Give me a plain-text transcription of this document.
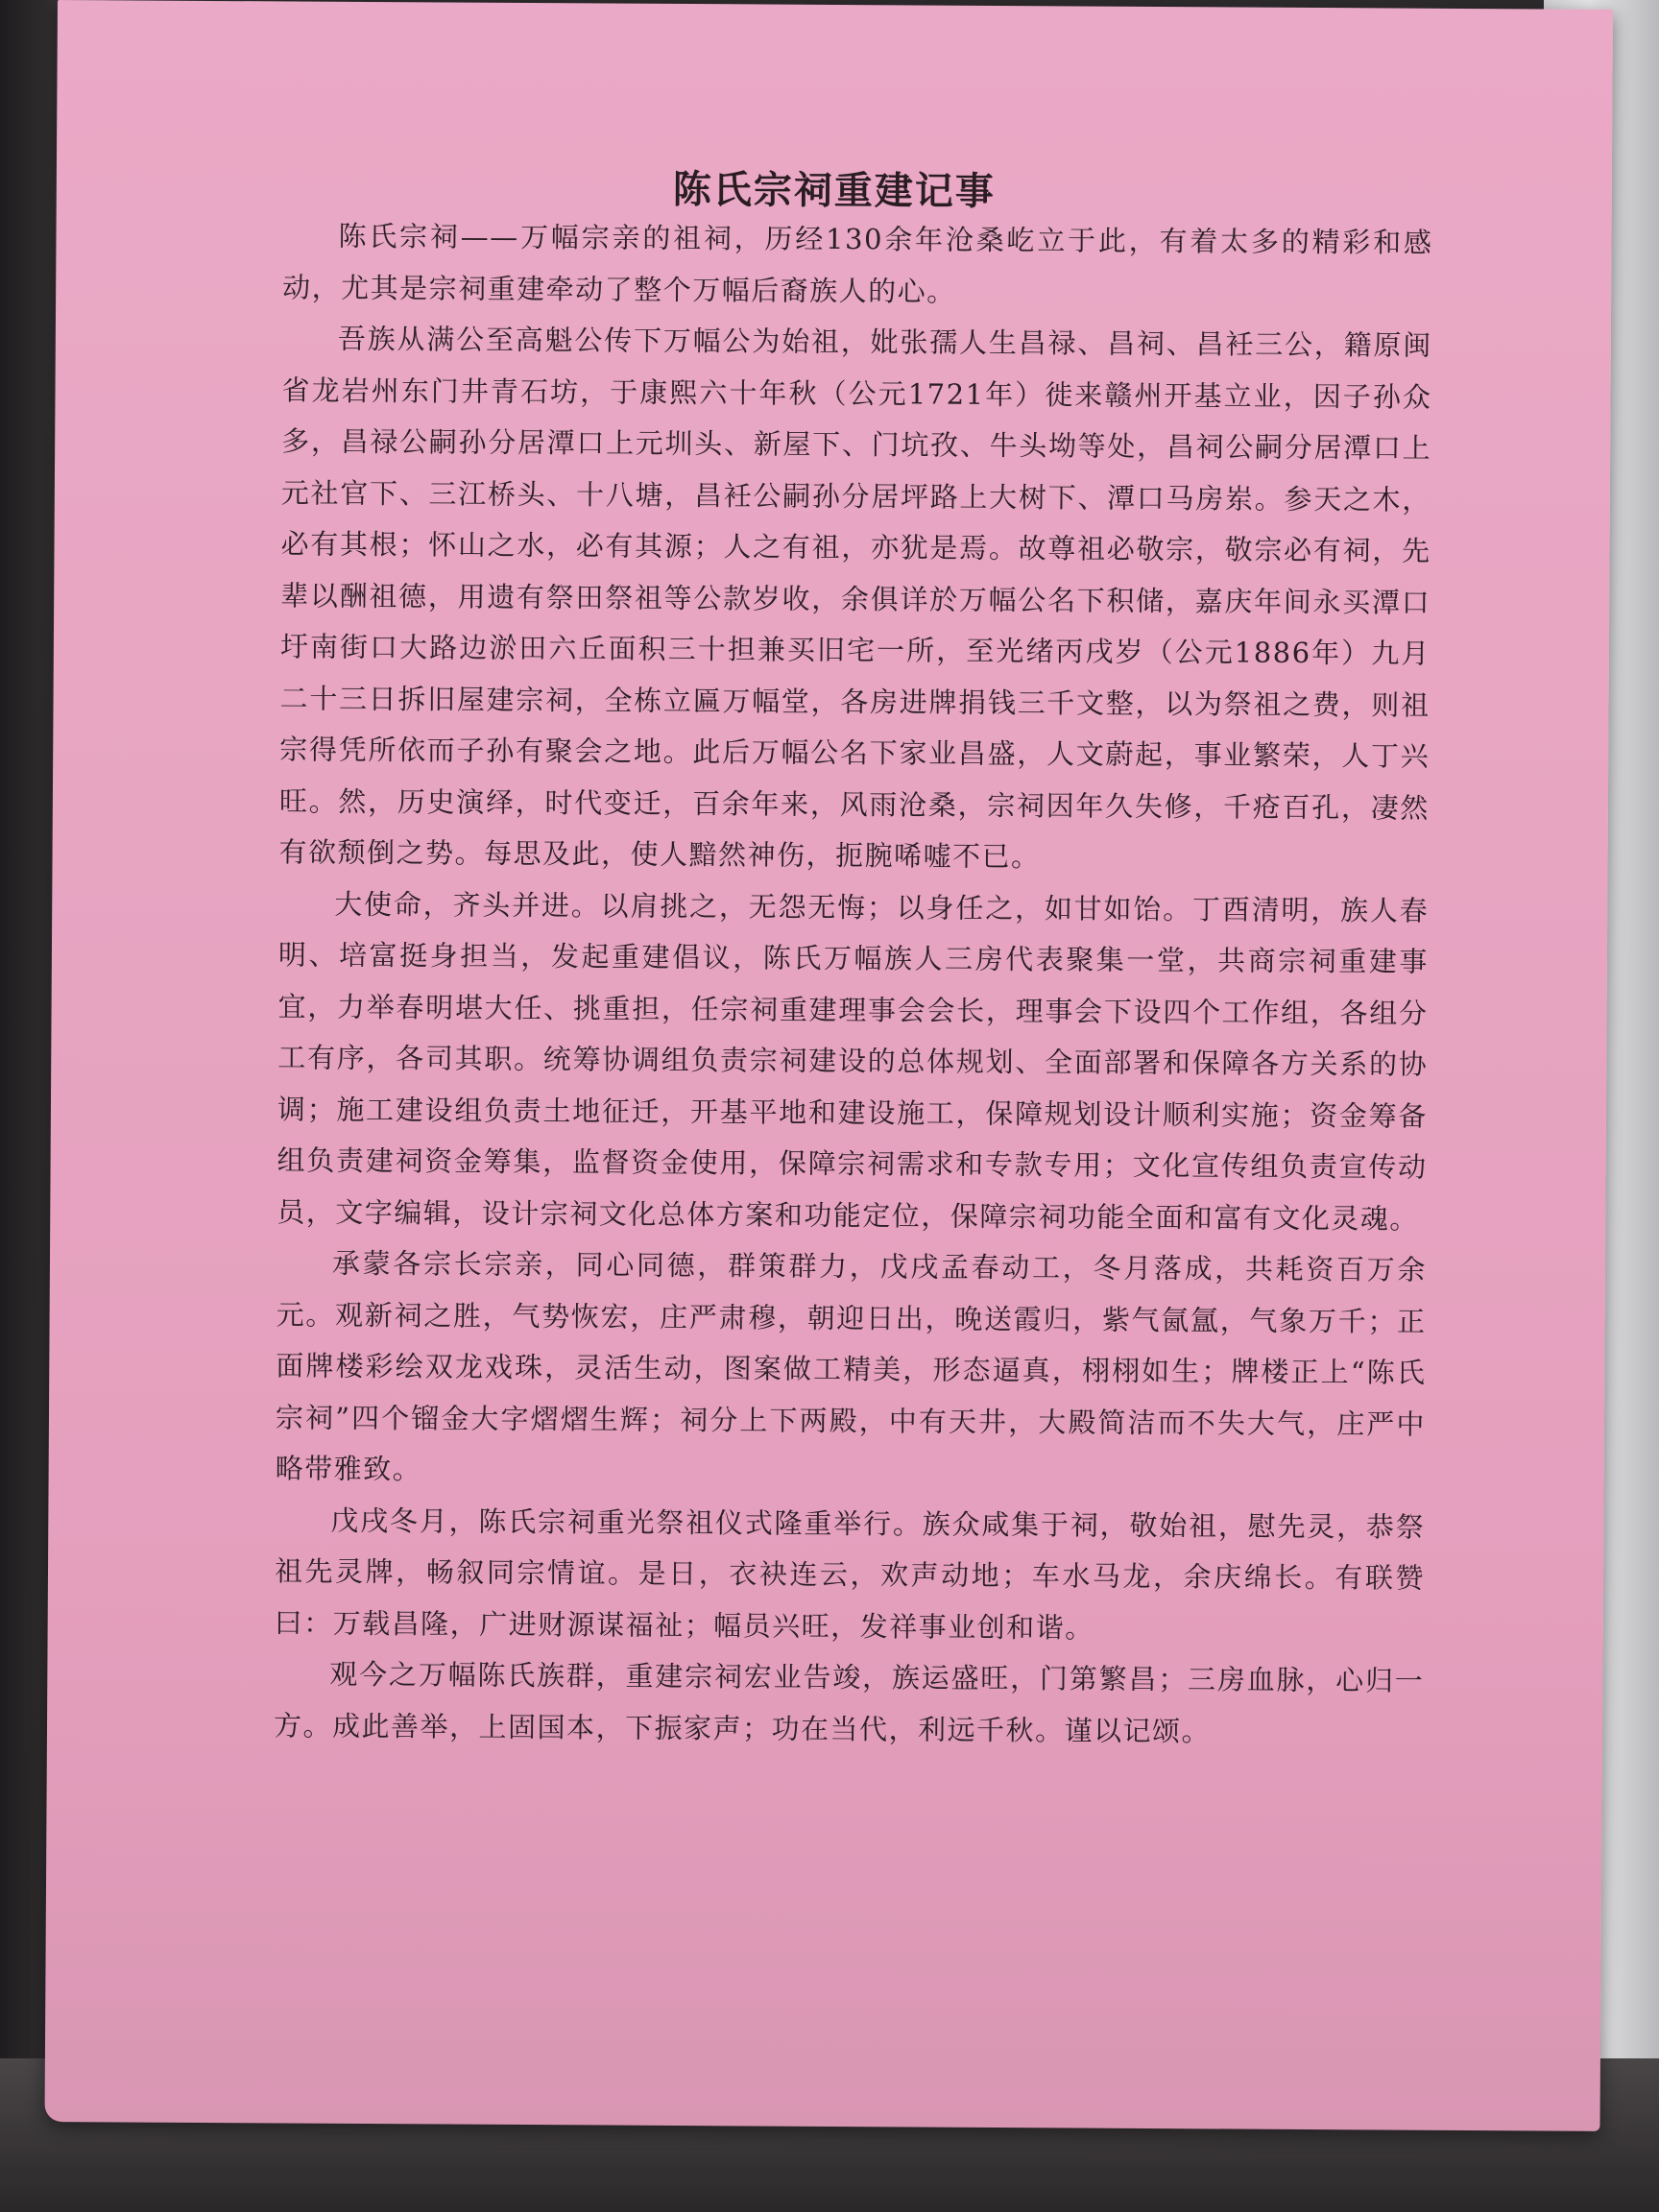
陈氏宗祠重建记事

陈氏宗祠——万幅宗亲的祖祠，历经130余年沧桑屹立于此，有着太多的精彩和感动，尤其是宗祠重建牵动了整个万幅后裔族人的心。

吾族从满公至高魁公传下万幅公为始祖，妣张孺人生昌禄、昌祠、昌衽三公，籍原闽省龙岩州东门井青石坊，于康熙六十年秋（公元1721年）徙来赣州开基立业，因子孙众多，昌禄公嗣孙分居潭口上元圳头、新屋下、门坑孜、牛头坳等处，昌祠公嗣分居潭口上元社官下、三江桥头、十八塘，昌衽公嗣孙分居坪路上大树下、潭口马房岽。参天之木，必有其根；怀山之水，必有其源；人之有祖，亦犹是焉。故尊祖必敬宗，敬宗必有祠，先辈以酬祖德，用遗有祭田祭祖等公款岁收，余俱详於万幅公名下积储，嘉庆年间永买潭口圩南街口大路边淤田六丘面积三十担兼买旧宅一所，至光绪丙戌岁（公元1886年）九月二十三日拆旧屋建宗祠，全栋立匾万幅堂，各房进牌捐钱三千文整，以为祭祖之费，则祖宗得凭所依而子孙有聚会之地。此后万幅公名下家业昌盛，人文蔚起，事业繁荣，人丁兴旺。然，历史演绎，时代变迁，百余年来，风雨沧桑，宗祠因年久失修，千疮百孔，凄然有欲颓倒之势。每思及此，使人黯然神伤，扼腕唏嘘不已。

大使命，齐头并进。以肩挑之，无怨无悔；以身任之，如甘如饴。丁酉清明，族人春明、培富挺身担当，发起重建倡议，陈氏万幅族人三房代表聚集一堂，共商宗祠重建事宜，力举春明堪大任、挑重担，任宗祠重建理事会会长，理事会下设四个工作组，各组分工有序，各司其职。统筹协调组负责宗祠建设的总体规划、全面部署和保障各方关系的协调；施工建设组负责土地征迁，开基平地和建设施工，保障规划设计顺利实施；资金筹备组负责建祠资金筹集，监督资金使用，保障宗祠需求和专款专用；文化宣传组负责宣传动员，文字编辑，设计宗祠文化总体方案和功能定位，保障宗祠功能全面和富有文化灵魂。

承蒙各宗长宗亲，同心同德，群策群力，戊戌孟春动工，冬月落成，共耗资百万余元。观新祠之胜，气势恢宏，庄严肃穆，朝迎日出，晚送霞归，紫气氤氲，气象万千；正面牌楼彩绘双龙戏珠，灵活生动，图案做工精美，形态逼真，栩栩如生；牌楼正上“陈氏宗祠”四个镏金大字熠熠生辉；祠分上下两殿，中有天井，大殿简洁而不失大气，庄严中略带雅致。

戊戌冬月，陈氏宗祠重光祭祖仪式隆重举行。族众咸集于祠，敬始祖，慰先灵，恭祭祖先灵牌，畅叙同宗情谊。是日，衣袂连云，欢声动地；车水马龙，余庆绵长。有联赞曰：万载昌隆，广进财源谋福祉；幅员兴旺，发祥事业创和谐。

观今之万幅陈氏族群，重建宗祠宏业告竣，族运盛旺，门第繁昌；三房血脉，心归一方。成此善举，上固国本，下振家声；功在当代，利远千秋。谨以记颂。
